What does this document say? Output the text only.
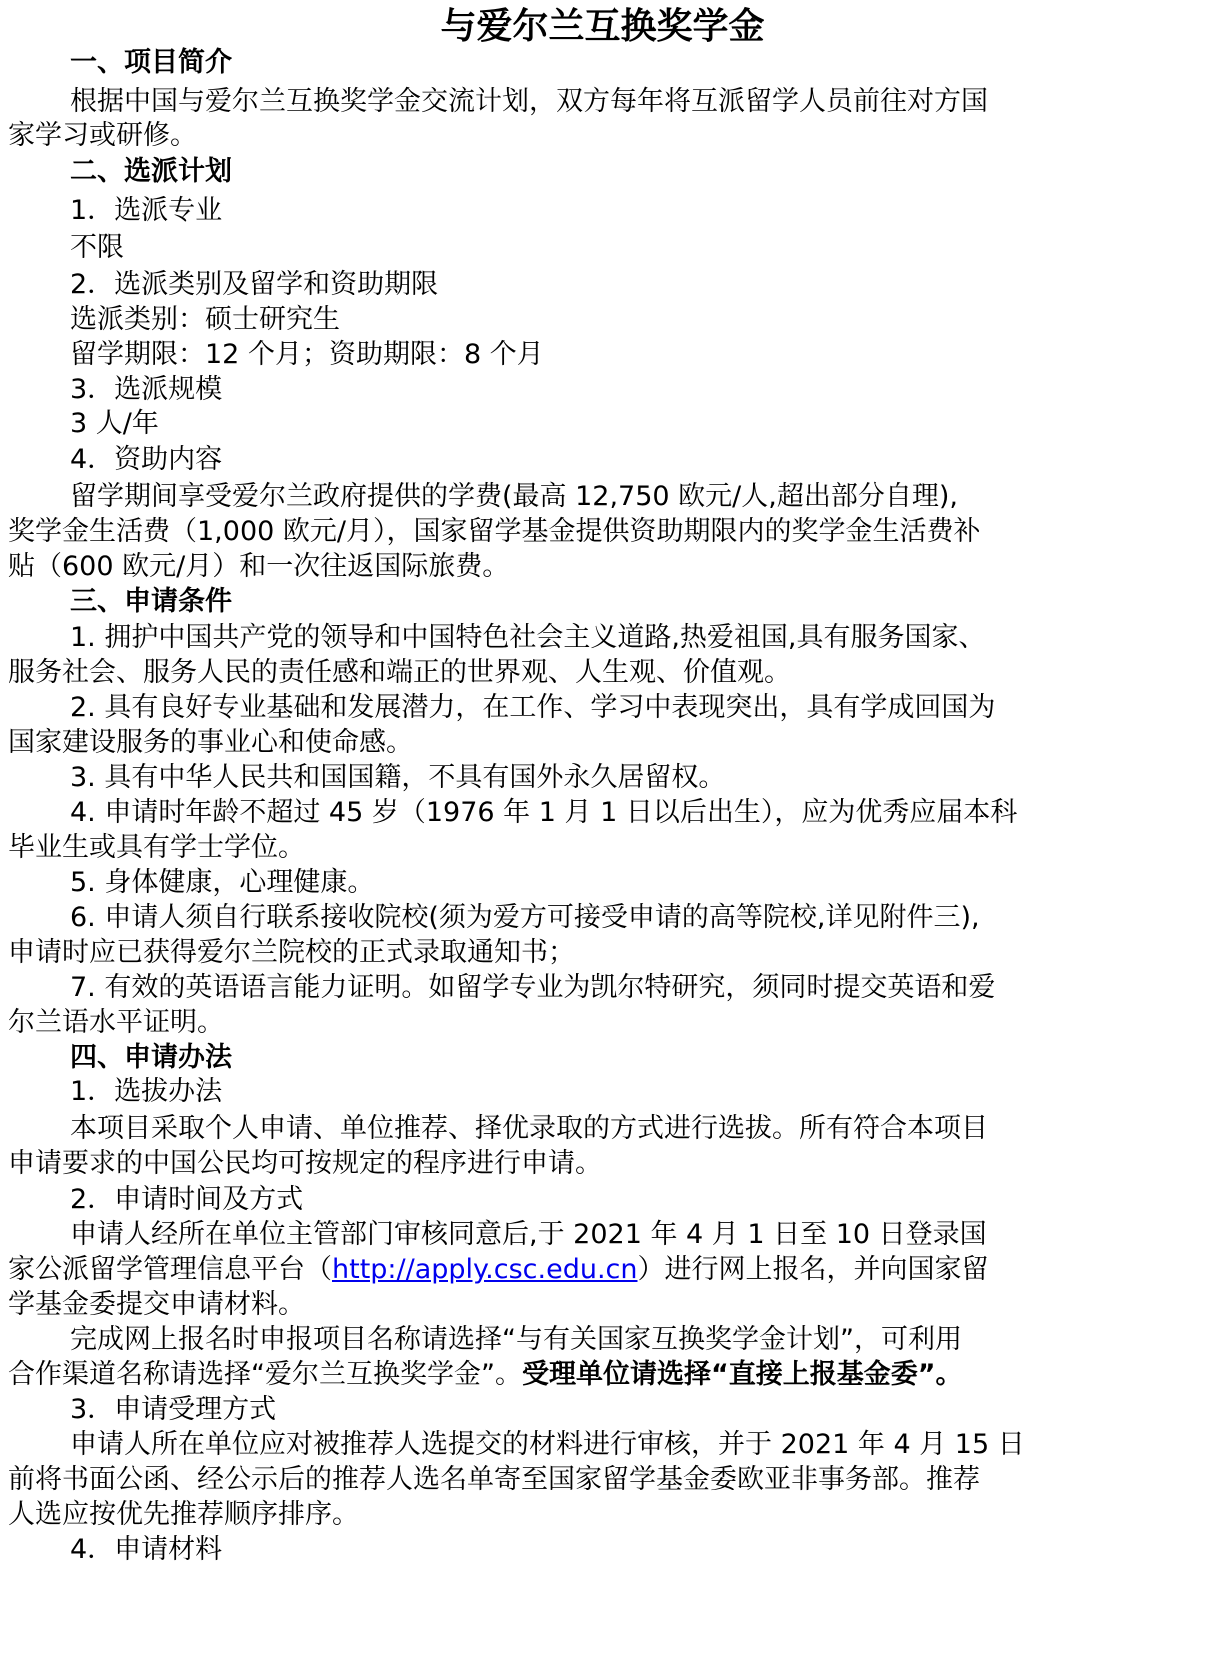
与爱尔兰互换奖学金
一、项目简介
根据中国与爱尔兰互换奖学金交流计划，双方每年将互派留学人员前往对方国
家学习或研修。
二、选派计划
1．选派专业
不限
2．选派类别及留学和资助期限
选派类别：硕士研究生
留学期限：12 个月；资助期限：8 个月
3．选派规模
3 人/年
4．资助内容
留学期间享受爱尔兰政府提供的学费(最高 12,750 欧元/人,超出部分自理),
奖学金生活费（1,000 欧元/月），国家留学基金提供资助期限内的奖学金生活费补
贴（600 欧元/月）和一次往返国际旅费。
三、申请条件
1. 拥护中国共产党的领导和中国特色社会主义道路,热爱祖国,具有服务国家、
服务社会、服务人民的责任感和端正的世界观、人生观、价值观。
2. 具有良好专业基础和发展潜力，在工作、学习中表现突出，具有学成回国为
国家建设服务的事业心和使命感。
3. 具有中华人民共和国国籍，不具有国外永久居留权。
4. 申请时年龄不超过 45 岁（1976 年 1 月 1 日以后出生），应为优秀应届本科
毕业生或具有学士学位。
5. 身体健康，心理健康。
6. 申请人须自行联系接收院校(须为爱方可接受申请的高等院校,详见附件三),
申请时应已获得爱尔兰院校的正式录取通知书；
7. 有效的英语语言能力证明。如留学专业为凯尔特研究，须同时提交英语和爱
尔兰语水平证明。
四、申请办法
1．选拔办法
本项目采取个人申请、单位推荐、择优录取的方式进行选拔。所有符合本项目
申请要求的中国公民均可按规定的程序进行申请。
2．申请时间及方式
申请人经所在单位主管部门审核同意后,于 2021 年 4 月 1 日至 10 日登录国
家公派留学管理信息平台（http://apply.csc.edu.cn）进行网上报名，并向国家留
学基金委提交申请材料。
完成网上报名时申报项目名称请选择“与有关国家互换奖学金计划”，可利用
合作渠道名称请选择“爱尔兰互换奖学金”。受理单位请选择“直接上报基金委”。
3．申请受理方式
申请人所在单位应对被推荐人选提交的材料进行审核，并于 2021 年 4 月 15 日
前将书面公函、经公示后的推荐人选名单寄至国家留学基金委欧亚非事务部。推荐
人选应按优先推荐顺序排序。
4．申请材料
